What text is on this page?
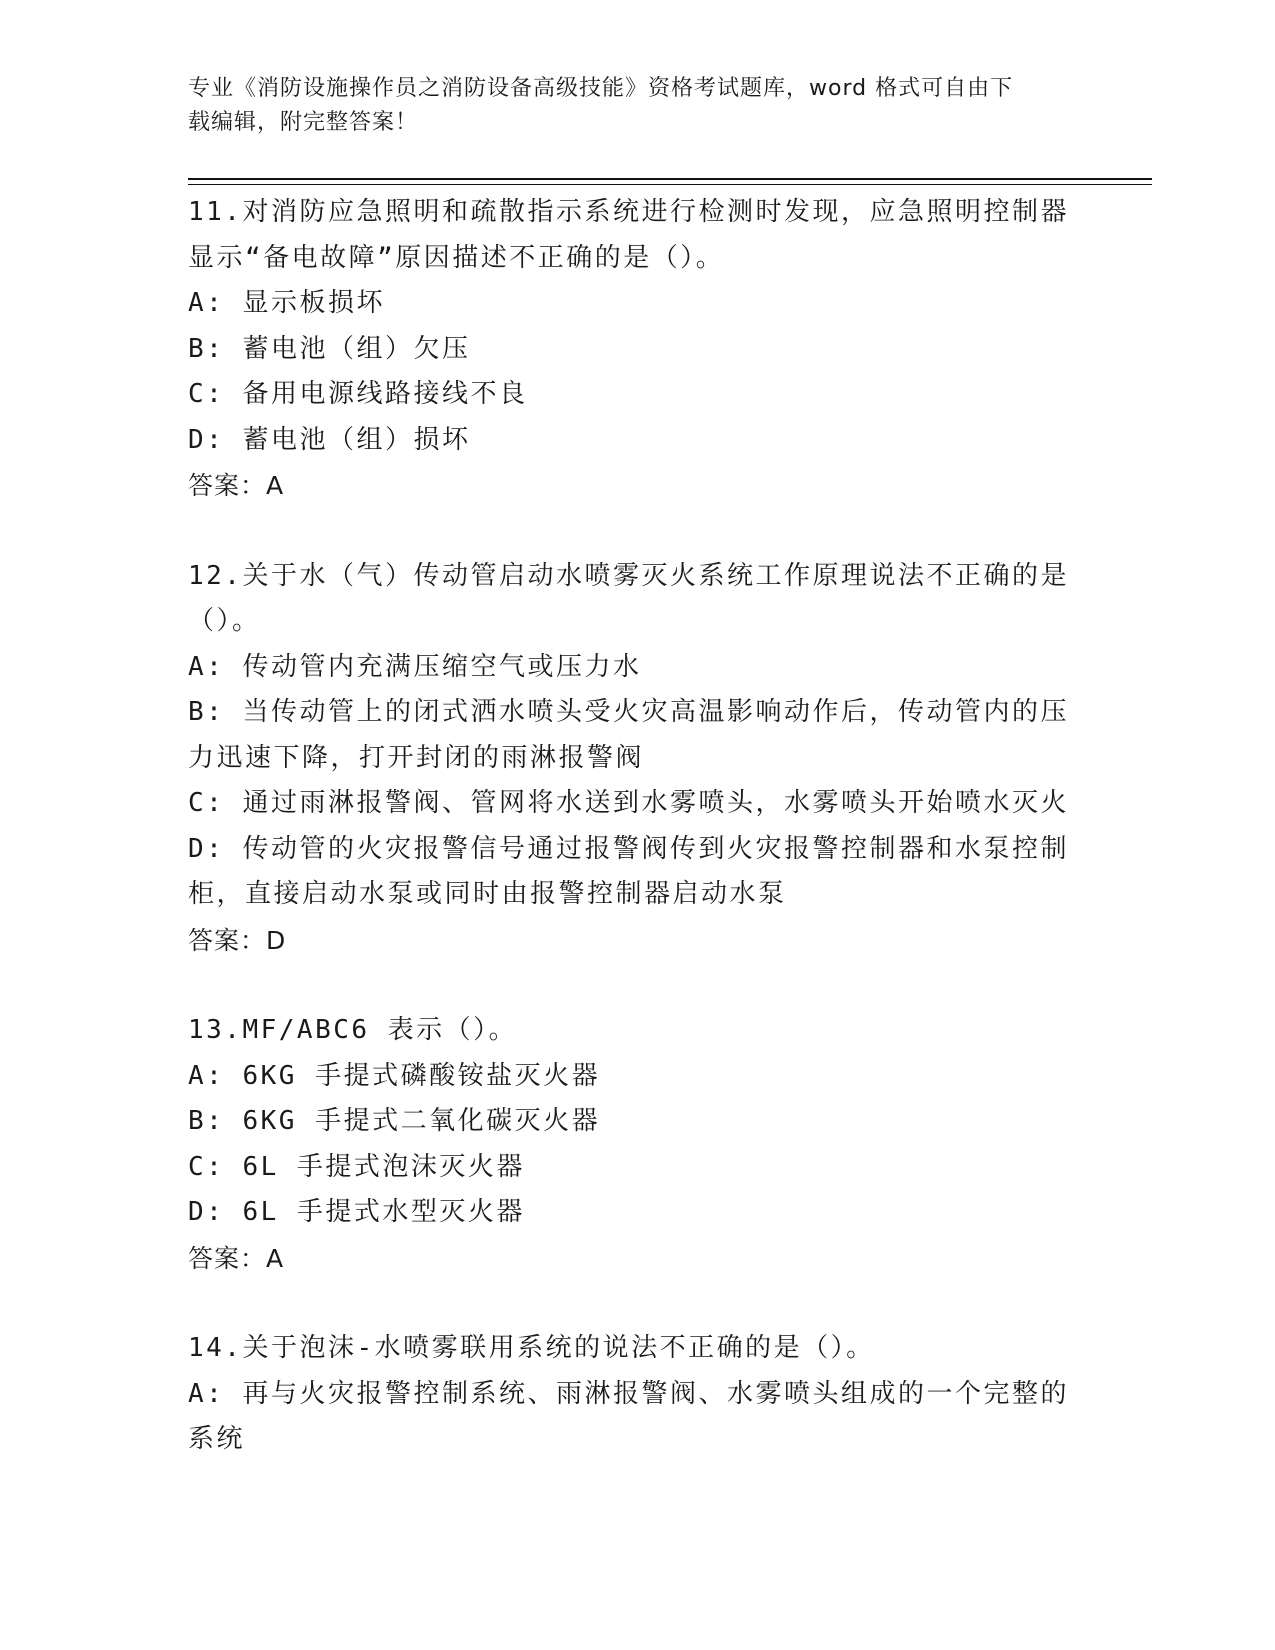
专业《消防设施操作员之消防设备高级技能》资格考试题库，word 格式可自由下
载编辑，附完整答案！

11.对消防应急照明和疏散指示系统进行检测时发现，应急照明控制器显示“备电故障”原因描述不正确的是（）。

A: 显示板损坏

B: 蓄电池（组）欠压

C: 备用电源线路接线不良

D: 蓄电池（组）损坏

答案：A

12.关于水（气）传动管启动水喷雾灭火系统工作原理说法不正确的是（）。

A: 传动管内充满压缩空气或压力水

B: 当传动管上的闭式洒水喷头受火灾高温影响动作后，传动管内的压力迅速下降，打开封闭的雨淋报警阀

C: 通过雨淋报警阀、管网将水送到水雾喷头，水雾喷头开始喷水灭火

D: 传动管的火灾报警信号通过报警阀传到火灾报警控制器和水泵控制柜，直接启动水泵或同时由报警控制器启动水泵

答案：D

13.MF/ABC6 表示（）。

A: 6KG 手提式磷酸铵盐灭火器

B: 6KG 手提式二氧化碳灭火器

C: 6L 手提式泡沫灭火器

D: 6L 手提式水型灭火器

答案：A

14.关于泡沫-水喷雾联用系统的说法不正确的是（）。

A: 再与火灾报警控制系统、雨淋报警阀、水雾喷头组成的一个完整的系统
